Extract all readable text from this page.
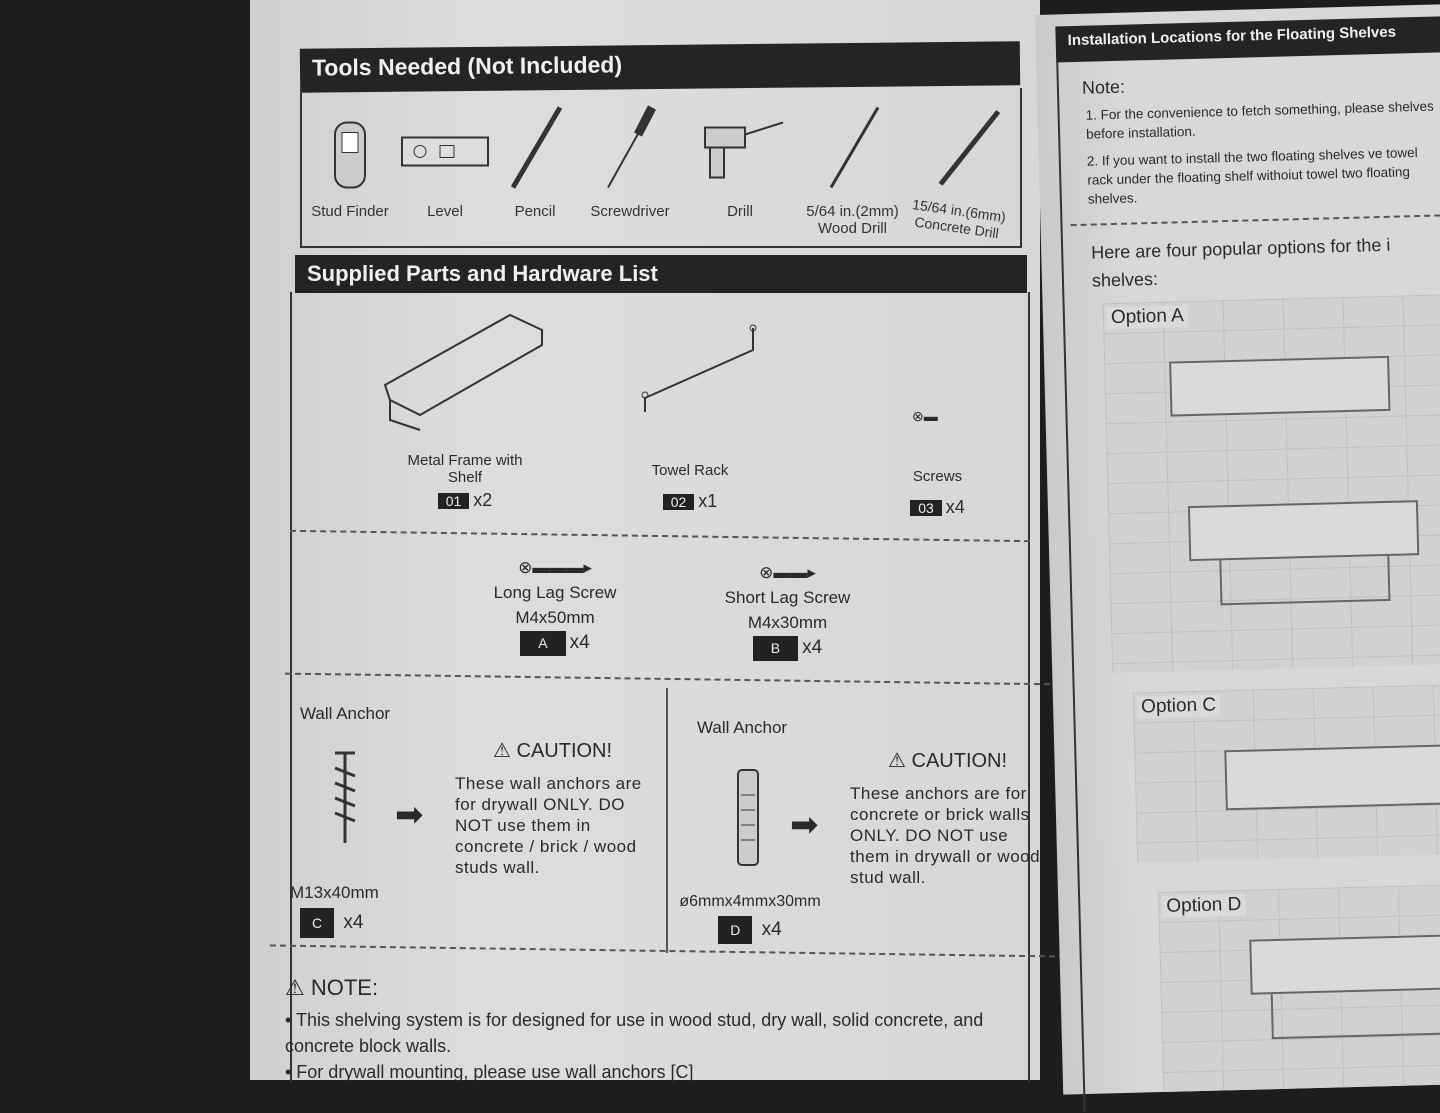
Tools Needed (Not Included)
Stud Finder	Level	Pencil	Screwdriver	Drill	5/64 in.(2mm) Wood Drill
15/64 in.(6mm) Concrete Drill
Supplied Parts and Hardware List
⊗▬
Metal Frame with Shelf
01 x2
Towel Rack
02 x1
Screws
03 x4
⊗▬▬▬▸
Long Lag Screw
M4x50mm
A x4
⊗▬▬▸
Short Lag Screw
M4x30mm
B x4
Wall Anchor
➡
⚠ CAUTION!
These wall anchors are for drywall ONLY. DO NOT use them in concrete / brick / wood studs wall.
M13x40mm
C x4
Wall Anchor
➡
⚠ CAUTION!
These anchors are for concrete or brick walls ONLY. DO NOT use them in drywall or wood stud wall.
ø6mmx4mmx30mm
D x4
⚠ NOTE:
• This shelving system is for designed for use in wood stud, dry wall, solid concrete, and concrete block walls.
• For drywall mounting, please use wall anchors [C]
Installation Locations for the Floating Shelves
Note:
1. For the convenience to fetch something, please shelves before installation.
2. If you want to install the two floating shelves ve towel rack under the floating shelf withoiut towel two floating shelves.
Here are four popular options for the i shelves:
Option A
Option C
Option D
